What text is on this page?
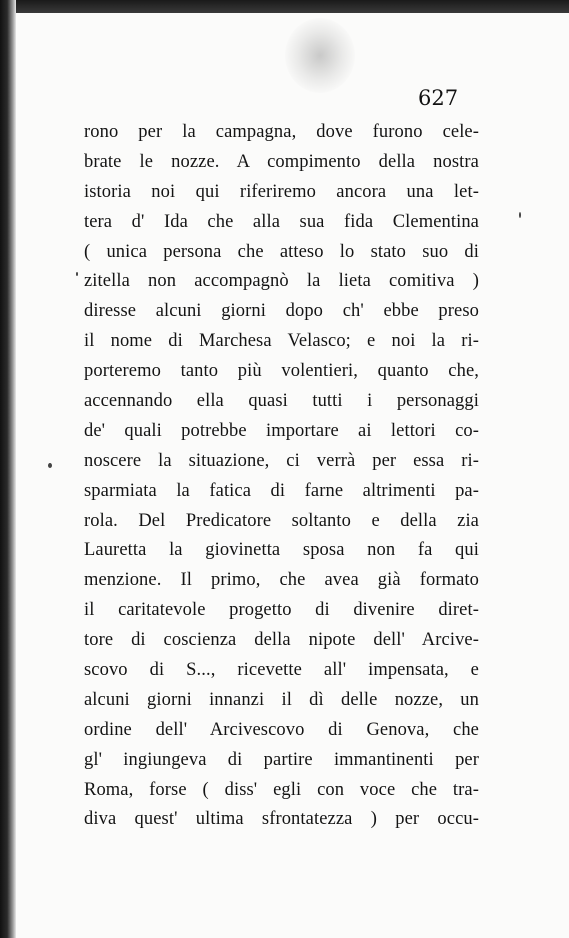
627

rono per la campagna, dove furono cele-
brate le nozze. A compimento della nostra
istoria noi qui riferiremo ancora una let-
tera d' Ida che alla sua fida Clementina
( unica persona che atteso lo stato suo di
zitella non accompagnò la lieta comitiva )
diresse alcuni giorni dopo ch' ebbe preso
il nome di Marchesa Velasco; e noi la ri-
porteremo tanto più volentieri, quanto che,
accennando ella quasi tutti i personaggi
de' quali potrebbe importare ai lettori co-
noscere la situazione, ci verrà per essa ri-
sparmiata la fatica di farne altrimenti pa-
rola. Del Predicatore soltanto e della zia
Lauretta la giovinetta sposa non fa qui
menzione. Il primo, che avea già formato
il caritatevole progetto di divenire diret-
tore di coscienza della nipote dell' Arcive-
scovo di S..., ricevette all' impensata, e
alcuni giorni innanzi il dì delle nozze, un
ordine dell' Arcivescovo di Genova, che
gl' ingiungeva di partire immantinenti per
Roma, forse ( diss' egli con voce che tra-
diva quest' ultima sfrontatezza ) per occu-
